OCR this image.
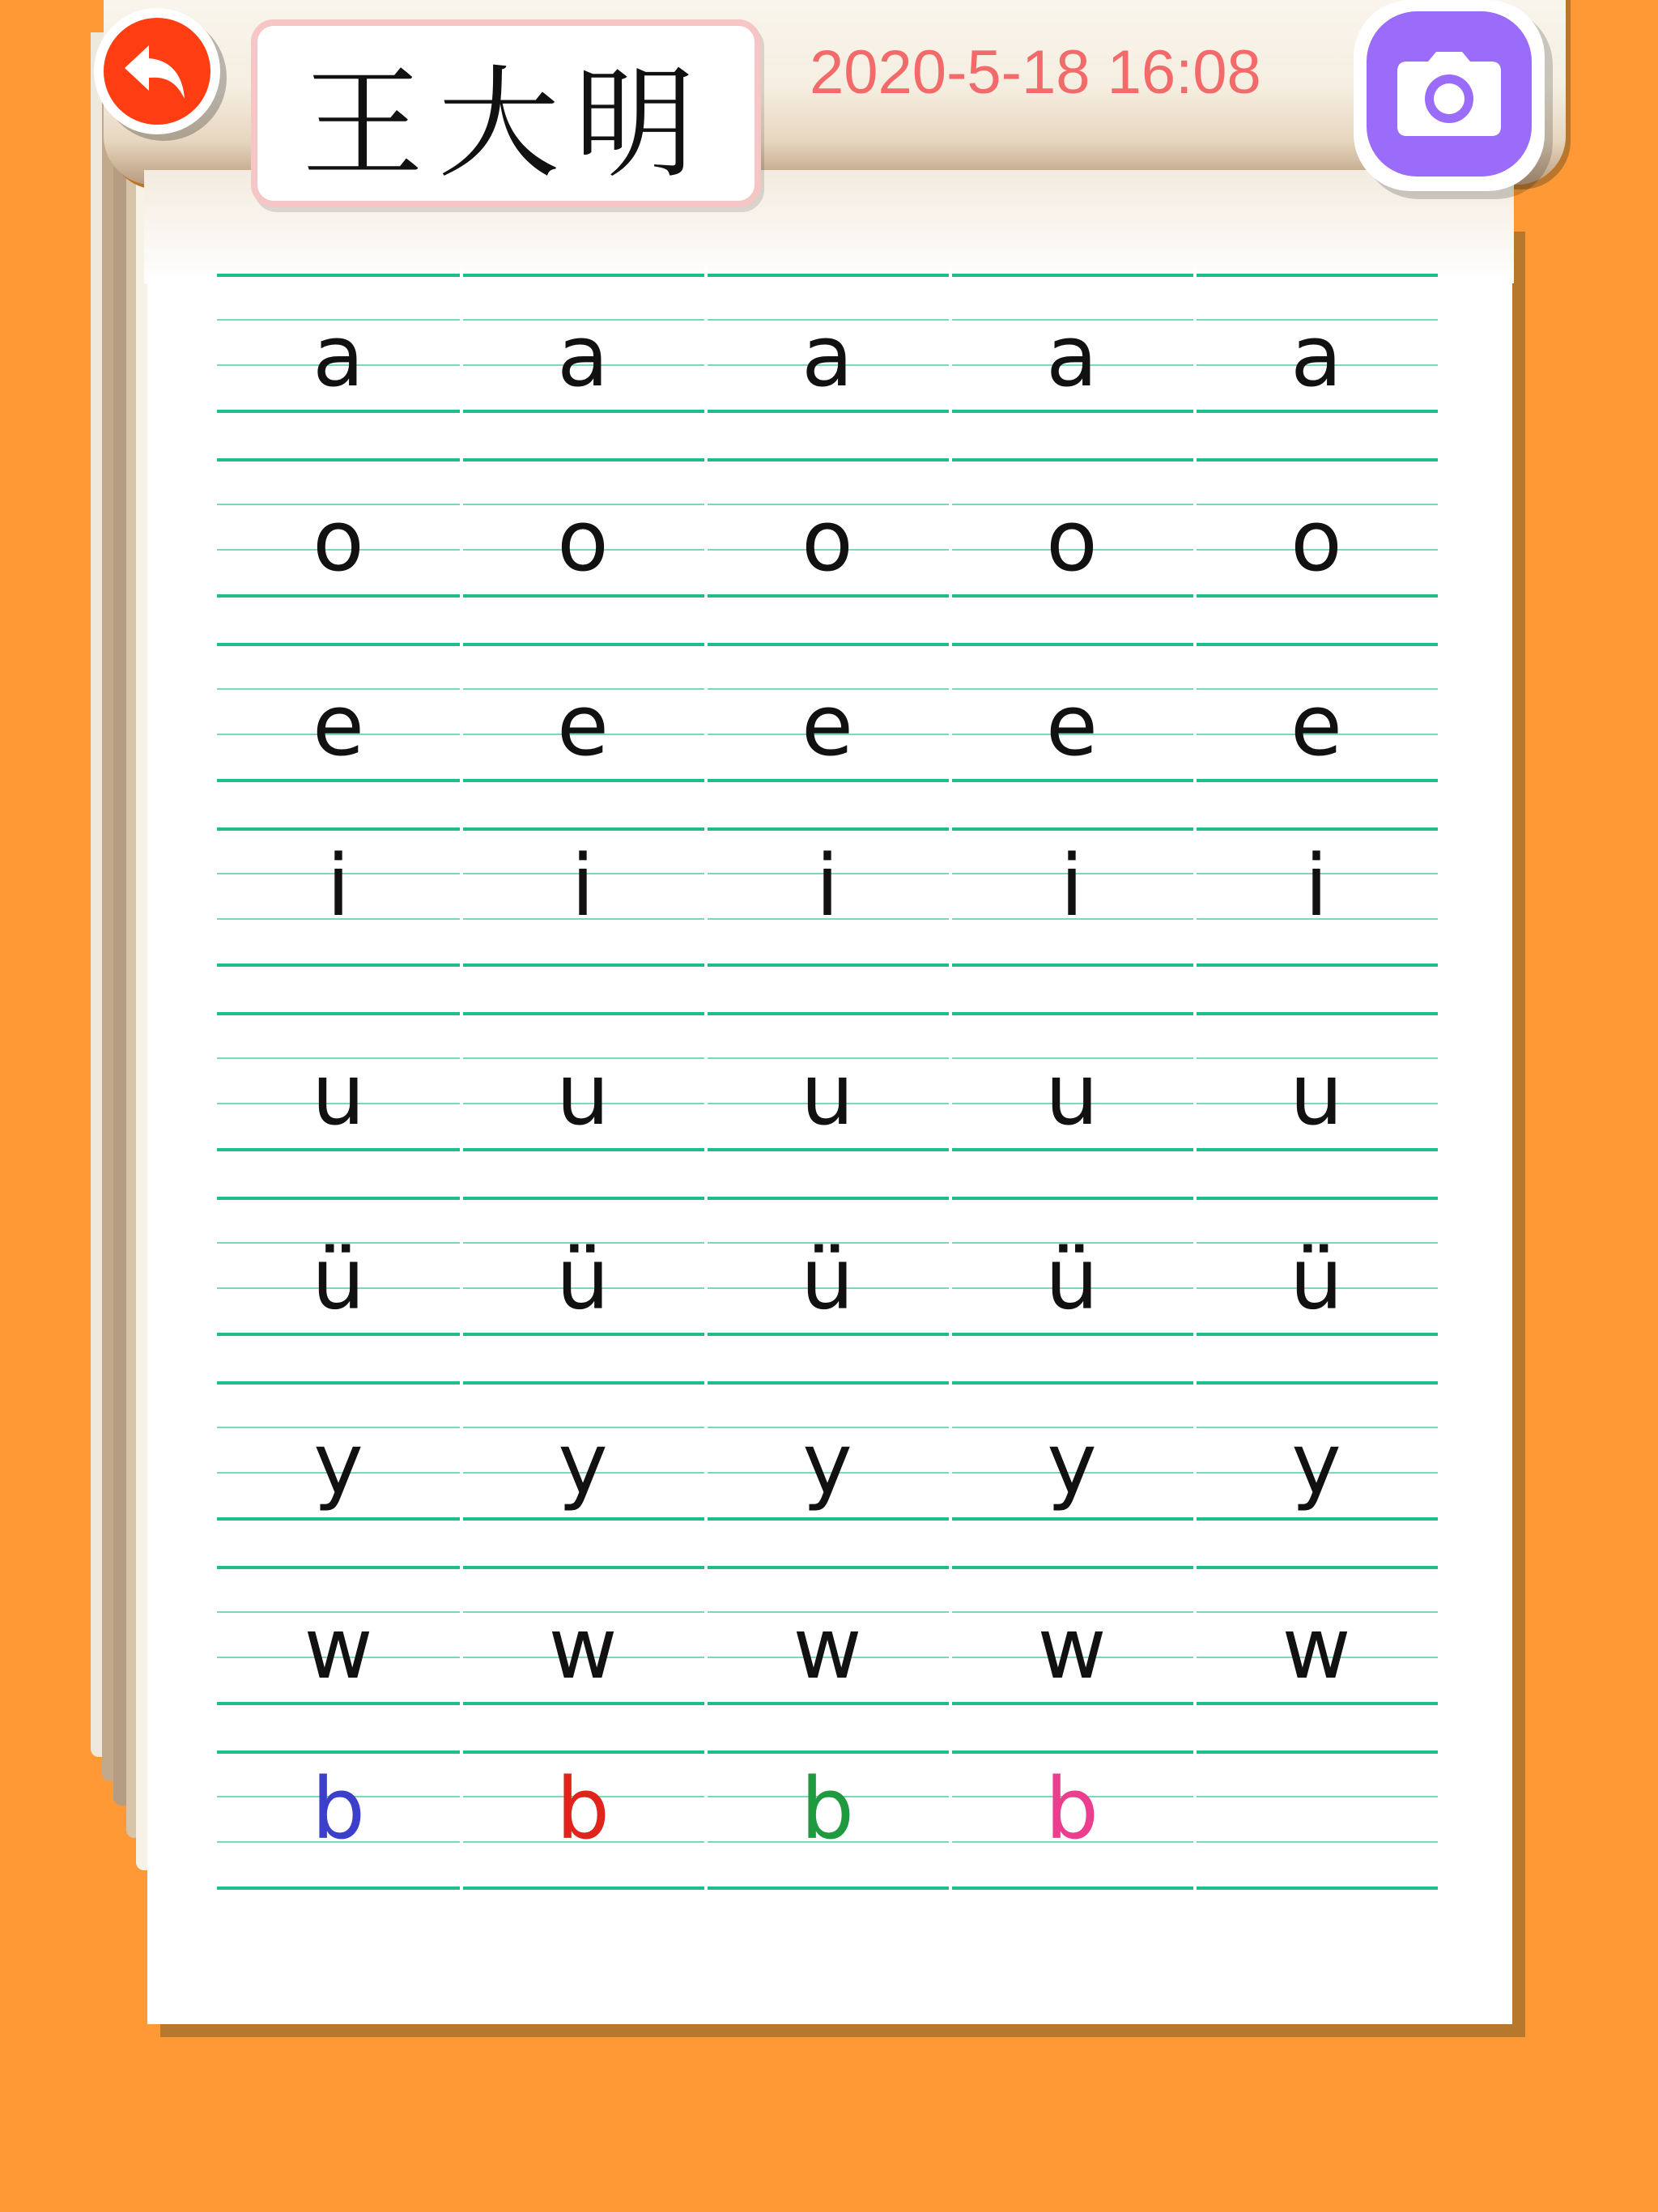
王大明	2020-5-18 16:08
a	a	a	a	a
o	o	o	o	o
e	e	e	e	e
i	i	i	i	i
u	u	u	u	u
ü	ü	ü	ü	ü
y	y	y	y	y
w	w	w	w	w
b	b	b	b
